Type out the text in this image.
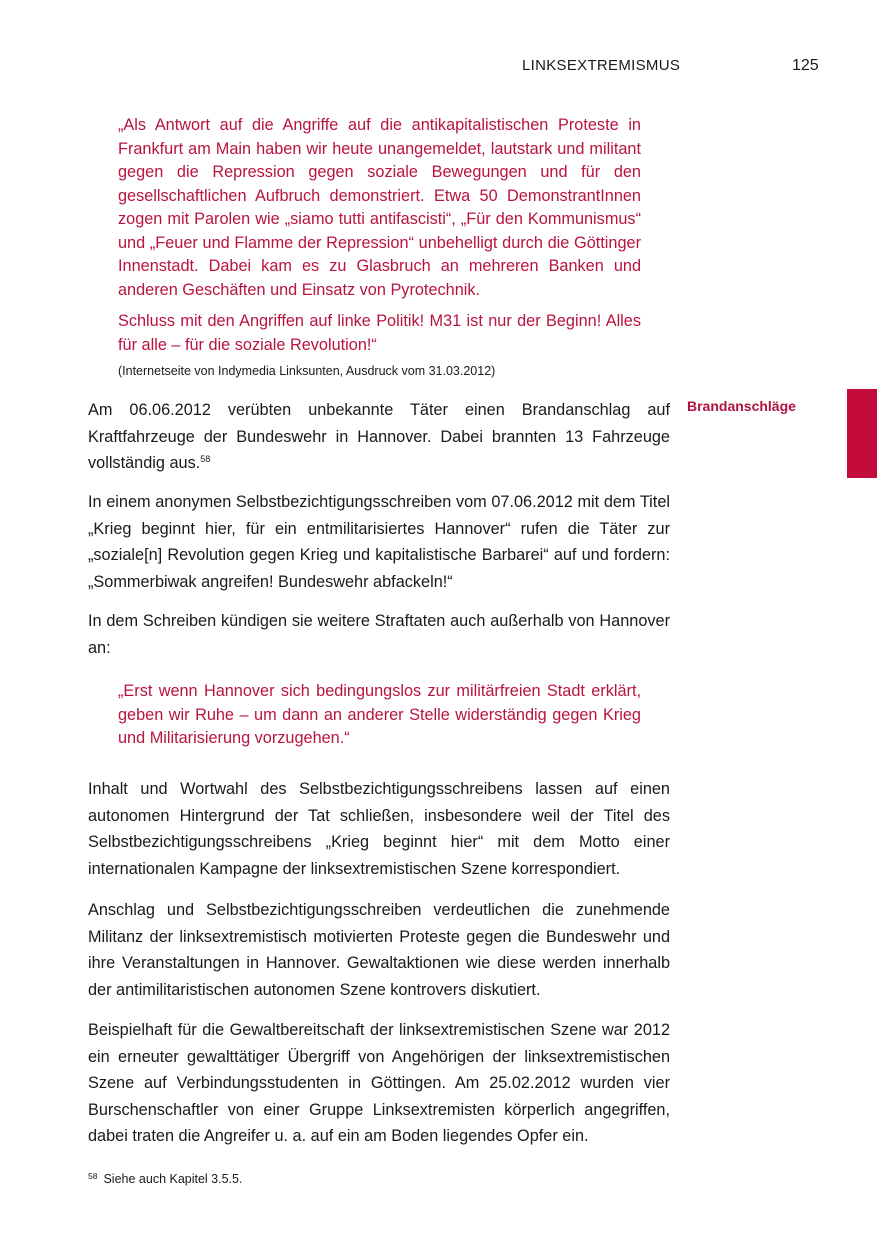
LINKSEXTREMISMUS	125
Brandanschläge

„Als Antwort auf die Angriffe auf die antikapitalistischen Proteste in Frankfurt am Main haben wir heute unangemeldet, lautstark und militant gegen die Repression gegen soziale Bewegungen und für den gesellschaftlichen Aufbruch demonstriert. Etwa 50 DemonstrantInnen zogen mit Parolen wie „siamo tutti antifascisti“, „Für den Kommunismus“ und „Feuer und Flamme der Repression“ unbehelligt durch die Göttinger Innenstadt. Dabei kam es zu Glasbruch an mehreren Banken und anderen Geschäften und Einsatz von Pyrotechnik.

Schluss mit den Angriffen auf linke Politik! M31 ist nur der Beginn! Alles für alle – für die soziale Revolution!“

(Internetseite von Indymedia Linksunten, Ausdruck vom 31.03.2012)

Am 06.06.2012 verübten unbekannte Täter einen Brandanschlag auf Kraftfahrzeuge der Bundeswehr in Hannover. Dabei brannten 13 Fahrzeuge vollständig aus.$^{58}$

In einem anonymen Selbstbezichtigungsschreiben vom 07.06.2012 mit dem Titel „Krieg beginnt hier, für ein entmilitarisiertes Hannover“ rufen die Täter zur „soziale[n] Revolution gegen Krieg und kapitalistische Barbarei“ auf und fordern: „Sommerbiwak angreifen! Bundeswehr abfackeln!“

In dem Schreiben kündigen sie weitere Straftaten auch außerhalb von Hannover an:

„Erst wenn Hannover sich bedingungslos zur militärfreien Stadt erklärt, geben wir Ruhe – um dann an anderer Stelle widerständig gegen Krieg und Militarisierung vorzugehen.“

Inhalt und Wortwahl des Selbstbezichtigungsschreibens lassen auf einen autonomen Hintergrund der Tat schließen, insbesondere weil der Titel des Selbstbezichtigungsschreibens „Krieg beginnt hier“ mit dem Motto einer internationalen Kampagne der linksextremistischen Szene korrespondiert.

Anschlag und Selbstbezichtigungsschreiben verdeutlichen die zunehmende Militanz der linksextremistisch motivierten Proteste gegen die Bundeswehr und ihre Veranstaltungen in Hannover. Gewaltaktionen wie diese werden innerhalb der antimilitaristischen autonomen Szene kontrovers diskutiert.

Beispielhaft für die Gewaltbereitschaft der linksextremistischen Szene war 2012 ein erneuter gewalttätiger Übergriff von Angehörigen der linksextremistischen Szene auf Verbindungsstudenten in Göttingen. Am 25.02.2012 wurden vier Burschenschaftler von einer Gruppe Linksextremisten körperlich angegriffen, dabei traten die Angreifer u. a. auf ein am Boden liegendes Opfer ein.

$^{58}$ Siehe auch Kapitel 3.5.5.
